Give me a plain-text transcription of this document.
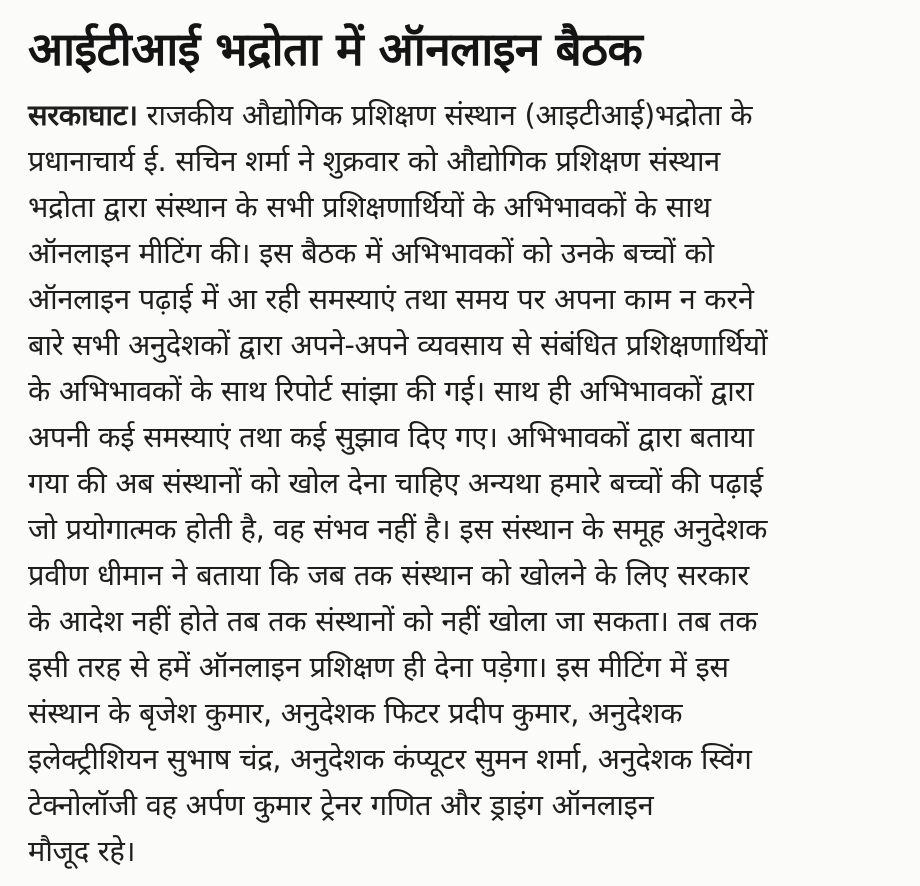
आईटीआई भद्रोता में ऑनलाइन बैठक
सरकाघाट। राजकीय औद्योगिक प्रशिक्षण संस्थान (आइटीआई)भद्रोता के
प्रधानाचार्य ई. सचिन शर्मा ने शुक्रवार को औद्योगिक प्रशिक्षण संस्थान
भद्रोता द्वारा संस्थान के सभी प्रशिक्षणार्थियों के अभिभावकों के साथ
ऑनलाइन मीटिंग की। इस बैठक में अभिभावकों को उनके बच्चों को
ऑनलाइन पढ़ाई में आ रही समस्याएं तथा समय पर अपना काम न करने
बारे सभी अनुदेशकों द्वारा अपने-अपने व्यवसाय से संबंधित प्रशिक्षणार्थियों
के अभिभावकों के साथ रिपोर्ट सांझा की गई। साथ ही अभिभावकों द्वारा
अपनी कई समस्याएं तथा कई सुझाव दिए गए। अभिभावकों द्वारा बताया
गया की अब संस्थानों को खोल देना चाहिए अन्यथा हमारे बच्चों की पढ़ाई
जो प्रयोगात्मक होती है, वह संभव नहीं है। इस संस्थान के समूह अनुदेशक
प्रवीण धीमान ने बताया कि जब तक संस्थान को खोलने के लिए सरकार
के आदेश नहीं होते तब तक संस्थानों को नहीं खोला जा सकता। तब तक
इसी तरह से हमें ऑनलाइन प्रशिक्षण ही देना पड़ेगा। इस मीटिंग में इस
संस्थान के बृजेश कुमार, अनुदेशक फिटर प्रदीप कुमार, अनुदेशक
इलेक्ट्रीशियन सुभाष चंद्र, अनुदेशक कंप्यूटर सुमन शर्मा, अनुदेशक स्विंग
टेक्नोलॉजी वह अर्पण कुमार ट्रेनर गणित और ड्राइंग ऑनलाइन
मौजूद रहे।
